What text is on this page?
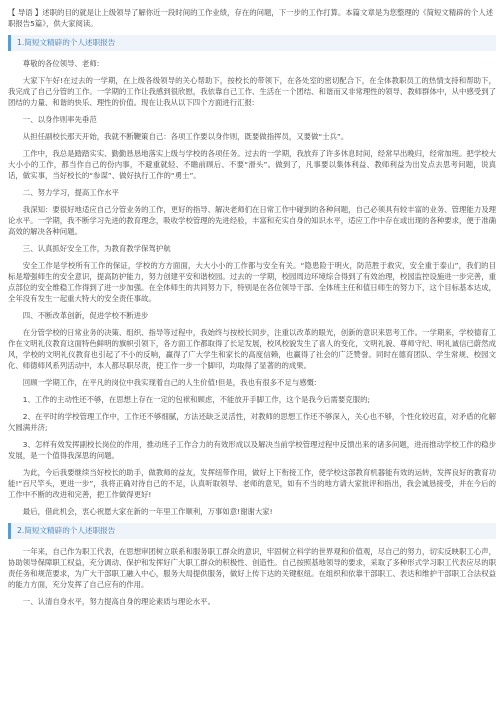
【 导语 】述职的目的就是让上级领导了解你近一段时间的工作业绩，存在的问题，下一步的工作打算。本篇文章是为您整理的《简短文精辟的个人述职报告5篇》，供大家阅读。

1.简短文精辟的个人述职报告

尊敬的各位领导、老师:

大家下午好!在过去的一学期，在上级各级领导的关心帮助下，按校长的带领下，在各处室的密切配合下，在全体教职员工的热情支持和帮助下，我完成了自己分管的工作。一学期的工作让我感到很欣慰，我依靠自己工作、生活在一个团结、和谐而又非常理性的领导、教师群体中，从中感受到了团结的力量、和谐的快乐、理性的价值。现在让我从以下四个方面进行汇报:

一、以身作则率先垂范

从担任副校长那天开始，我就不断鞭策自己：各项工作要以身作则，既要做指挥员，又要做“士兵”。

工作中，我总是踏踏实实、勤勤恳恳地落实上级与学校的各项任务。过去的一学期，我放弃了许多休息时间，经常早出晚归，经常加班。把学校大大小小的工作，都当作自己的份内事，不避重就轻、不瞻前顾后、不要“滑头”。做到了，凡事要以集体利益、教师利益为出发点去思考问题，说真话，做实事，当好校长的“参谋”、做好执行工作的“勇士”。

二、努力学习，提高工作水平

我深知：要很好地适应自己分管业务的工作，更好的指导、解决老师们在日常工作中碰到的各种问题，自己必须具有较丰富的业务、管理能力及理论水平。一学期，我不断学习先进的教育理念，吸收学校管理的先进经验，丰富和充实自身的知识水平，适应工作中存在或出现的各种要求，便于准确高效的解决各种问题。

三、认真抓好安全工作，为教育教学保驾护航

安全工作是学校所有工作的保证，学校的方方面面，大大小小的工作都与安全有关。“隐患险于明火，防范胜于救灾，安全重于泰山”，我们的目标是增强师生的安全意识，提高防护能力，努力创建平安和谐校园。过去的一学期，校园周边环境综合得到了有效治理，校园监控设施进一步完善，重点部位的安全维稳工作得到了进一步加强。在全体师生的共同努力下，特别是在各位领导干部、全体班主任和值日师生的努力下，这个目标基本达成，全年没有发生一起重大特大的安全责任事故。

四、不断改革创新，促进学校不断进步

在分管学校的日常业务的决策、组织、指导等过程中，我始终与按校长同步，注重以改革的眼光，创新的意识来思考工作。一学期来，学校德育工作在文明礼仪教育这面特色鲜明的旗帜引领下，各方面工作都取得了长足发展，校风校貌发生了喜人的变化，文明礼貌、尊师守纪、明礼诚信已蔚然成风，学校的文明礼仪教育也引起了不小的反响，赢得了广大学生和家长的高度信赖，也赢得了社会的广泛赞誉。同时在德育团队、学生常规、校园文化、师德师风系列活动中，本人都尽职尽责，使工作一步一个脚印，均取得了显著的的成果。

回顾一学期工作，在平凡的岗位中我实现着自己的人生价值!但是，我也有很多不足与感慨:

1、工作的主动性还不够，在思想上存在一定的包袱和顾虑，不能放开手脚工作，这个是我今后需要克服的;

2、在平时的学校管理工作中，工作还不够细腻，方法还缺乏灵活性，对教师的思想工作还不够深入，关心也不够，个性化较迟直，对矛盾的化解欠圆满并济;

3、怎样有效发挥副校长岗位的作用，推动班子工作合力的有效形成以及解决当前学校管理过程中反馈出来的诸多问题，进而推动学校工作的稳步发展，是一个值得我深思的问题。

为此，今后我要继续当好校长的助手，做教师的益友，发挥纽带作用，做好上下衔接工作，使学校这部教育机器能有效的运转，发挥良好的教育功能!“百尺竿头，更进一步”，我将正确对待自己的不足，认真听取领导、老师的意见，如有不当的地方请大家批评和指出，我会诚恳接受，并在今后的工作中不断的改进和完善，把工作做得更好!

最后，借此机会，衷心祝愿大家在新的一年里工作顺利，万事如意!谢谢大家!

2.简短文精辟的个人述职报告

一年来，自己作为职工代表，在思想审团树立联系和服务职工群众的意识，牢固树立科学的世界观和价值观，尽自己的努力，切实反映职工心声，协助领导保障职工权益，充分调动、保护和发挥好广大职工群众的积极性、创造性。自己按照基地领导的要求，采取了多种形式学习职工代表应尽的职责任务和规范要求，为广大干部职工融入中心，服务大局提供服务，做好上传下达的关键枢纽。在组织和依靠干部职工、表达和维护干部职工合法权益的能力方面，充分发挥了自己应有的作用。

一、认清自身水平，努力提高自身的理论素质与理论水平。
